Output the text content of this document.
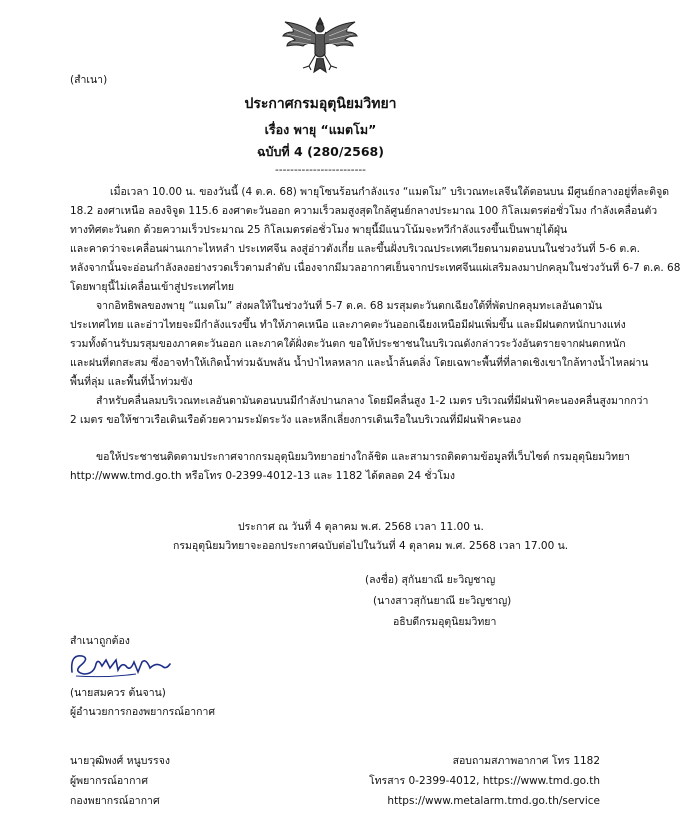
(สำเนา)
ประกาศกรมอุตุนิยมวิทยา
เรื่อง พายุ “แมตโม”
ฉบับที่ 4 (280/2568)
------------------------
เมื่อเวลา 10.00 น. ของวันนี้ (4 ต.ค. 68) พายุโซนร้อนกำลังแรง “แมตโม” บริเวณทะเลจีนใต้ตอนบน มีศูนย์กลางอยู่ที่ละติจูด
18.2 องศาเหนือ ลองจิจูด 115.6 องศาตะวันออก ความเร็วลมสูงสุดใกล้ศูนย์กลางประมาณ 100 กิโลเมตรต่อชั่วโมง กำลังเคลื่อนตัว
ทางทิศตะวันตก ด้วยความเร็วประมาณ 25 กิโลเมตรต่อชั่วโมง พายุนี้มีแนวโน้มจะทวีกำลังแรงขึ้นเป็นพายุไต้ฝุ่น
และคาดว่าจะเคลื่อนผ่านเกาะไหหลำ ประเทศจีน ลงสู่อ่าวตังเกี๋ย และขึ้นฝั่งบริเวณประเทศเวียดนามตอนบนในช่วงวันที่ 5-6 ต.ค.
หลังจากนั้นจะอ่อนกำลังลงอย่างรวดเร็วตามลำดับ เนื่องจากมีมวลอากาศเย็นจากประเทศจีนแผ่เสริมลงมาปกคลุมในช่วงวันที่ 6-7 ต.ค. 68
โดยพายุนี้ไม่เคลื่อนเข้าสู่ประเทศไทย
จากอิทธิพลของพายุ “แมตโม” ส่งผลให้ในช่วงวันที่ 5-7 ต.ค. 68 มรสุมตะวันตกเฉียงใต้ที่พัดปกคลุมทะเลอันดามัน
ประเทศไทย และอ่าวไทยจะมีกำลังแรงขึ้น ทำให้ภาคเหนือ และภาคตะวันออกเฉียงเหนือมีฝนเพิ่มขึ้น และมีฝนตกหนักบางแห่ง
รวมทั้งด้านรับมรสุมของภาคตะวันออก และภาคใต้ฝั่งตะวันตก ขอให้ประชาชนในบริเวณดังกล่าวระวังอันตรายจากฝนตกหนัก
และฝนที่ตกสะสม ซึ่งอาจทำให้เกิดน้ำท่วมฉับพลัน น้ำป่าไหลหลาก และน้ำล้นตลิ่ง โดยเฉพาะพื้นที่ที่ลาดเชิงเขาใกล้ทางน้ำไหลผ่าน
พื้นที่ลุ่ม และพื้นที่น้ำท่วมขัง
สำหรับคลื่นลมบริเวณทะเลอันดามันตอนบนมีกำลังปานกลาง โดยมีคลื่นสูง 1-2 เมตร บริเวณที่มีฝนฟ้าคะนองคลื่นสูงมากกว่า
2 เมตร ขอให้ชาวเรือเดินเรือด้วยความระมัดระวัง และหลีกเลี่ยงการเดินเรือในบริเวณที่มีฝนฟ้าคะนอง
ขอให้ประชาชนติดตามประกาศจากกรมอุตุนิยมวิทยาอย่างใกล้ชิด และสามารถติดตามข้อมูลที่เว็บไซต์ กรมอุตุนิยมวิทยา
http://www.tmd.go.th หรือโทร 0-2399-4012-13 และ 1182 ได้ตลอด 24 ชั่วโมง
ประกาศ ณ วันที่ 4 ตุลาคม พ.ศ. 2568 เวลา 11.00 น.
กรมอุตุนิยมวิทยาจะออกประกาศฉบับต่อไปในวันที่ 4 ตุลาคม พ.ศ. 2568 เวลา 17.00 น.
(ลงชื่อ) สุกันยาณี ยะวิญชาญ
(นางสาวสุกันยาณี ยะวิญชาญ)
อธิบดีกรมอุตุนิยมวิทยา
สำเนาถูกต้อง
(นายสมควร ต้นจาน)
ผู้อำนวยการกองพยากรณ์อากาศ
นายวุฒิพงศ์ หนูบรรจง
ผู้พยากรณ์อากาศ
กองพยากรณ์อากาศ
สอบถามสภาพอากาศ โทร 1182
โทรสาร 0-2399-4012, https://www.tmd.go.th
https://www.metalarm.tmd.go.th/service
